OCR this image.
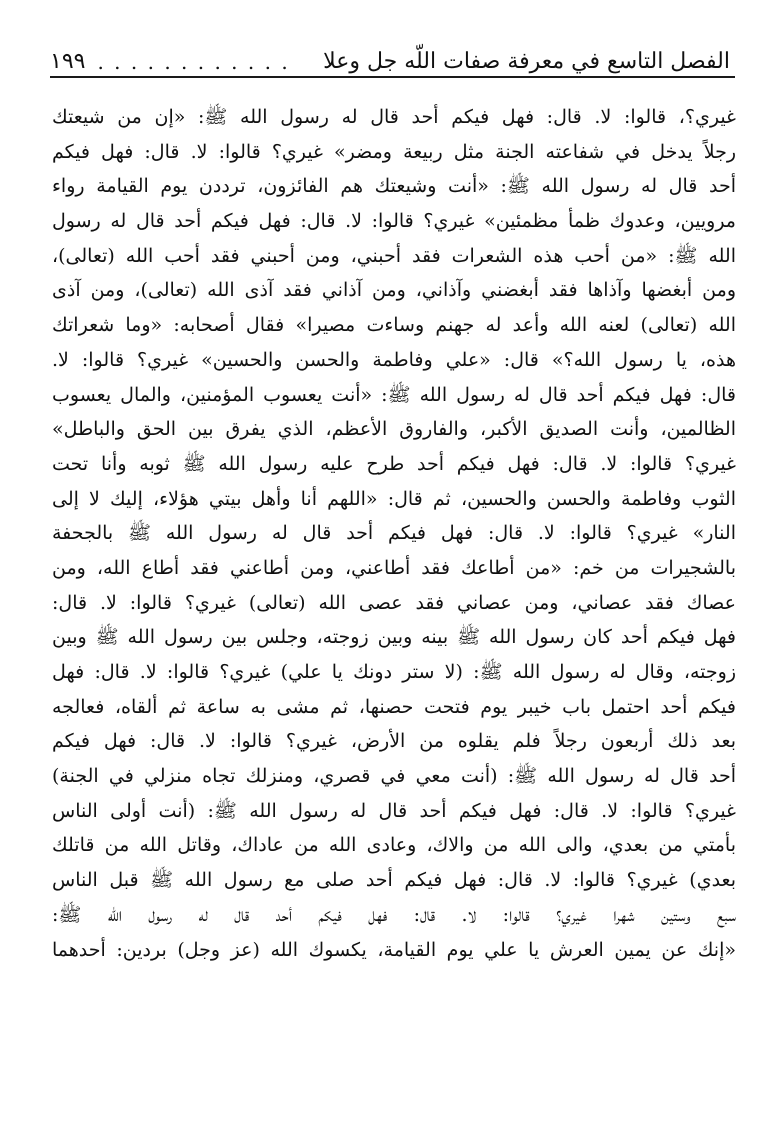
الفصل التاسع في معرفة صفات اللّه جل وعلا
. . . . . . . . . . . .
١٩٩
غيري؟، قالوا: لا. قال: فهل فيكم أحد قال له رسول الله ﷺ: «إن من شيعتك
رجلاً يدخل في شفاعته الجنة مثل ربيعة ومضر» غيري؟ قالوا: لا. قال: فهل فيكم
أحد قال له رسول الله ﷺ: «أنت وشيعتك هم الفائزون، ترددن يوم القيامة رواء
مرويين، وعدوك ظمأ مظمئين» غيري؟ قالوا: لا. قال: فهل فيكم أحد قال له رسول
الله ﷺ: «من أحب هذه الشعرات فقد أحبني، ومن أحبني فقد أحب الله (تعالى)،
ومن أبغضها وآذاها فقد أبغضني وآذاني، ومن آذاني فقد آذى الله (تعالى)، ومن آذى
الله (تعالى) لعنه الله وأعد له جهنم وساءت مصيرا» فقال أصحابه: «وما شعراتك
هذه، يا رسول الله؟» قال: «علي وفاطمة والحسن والحسين» غيري؟ قالوا: لا.
قال: فهل فيكم أحد قال له رسول الله ﷺ: «أنت يعسوب المؤمنين، والمال يعسوب
الظالمين، وأنت الصديق الأكبر، والفاروق الأعظم، الذي يفرق بين الحق والباطل»
غيري؟ قالوا: لا. قال: فهل فيكم أحد طرح عليه رسول الله ﷺ ثوبه وأنا تحت
الثوب وفاطمة والحسن والحسين، ثم قال: «اللهم أنا وأهل بيتي هؤلاء، إليك لا إلى
النار» غيري؟ قالوا: لا. قال: فهل فيكم أحد قال له رسول الله ﷺ بالجحفة
بالشجيرات من خم: «من أطاعك فقد أطاعني، ومن أطاعني فقد أطاع الله، ومن
عصاك فقد عصاني، ومن عصاني فقد عصى الله (تعالى) غيري؟ قالوا: لا. قال:
فهل فيكم أحد كان رسول الله ﷺ بينه وبين زوجته، وجلس بين رسول الله ﷺ وبين
زوجته، وقال له رسول الله ﷺ: (لا ستر دونك يا علي) غيري؟ قالوا: لا. قال: فهل
فيكم أحد احتمل باب خيبر يوم فتحت حصنها، ثم مشى به ساعة ثم ألقاه، فعالجه
بعد ذلك أربعون رجلاً فلم يقلوه من الأرض، غيري؟ قالوا: لا. قال: فهل فيكم
أحد قال له رسول الله ﷺ: (أنت معي في قصري، ومنزلك تجاه منزلي في الجنة)
غيري؟ قالوا: لا. قال: فهل فيكم أحد قال له رسول الله ﷺ: (أنت أولى الناس
بأمتي من بعدي، والى الله من والاك، وعادى الله من عاداك، وقاتل الله من قاتلك
بعدي) غيري؟ قالوا: لا. قال: فهل فيكم أحد صلى مع رسول الله ﷺ قبل الناس
سبع وستين شهرا غيري؟ قالوا: لا. قال: فهل فيكم أحد قال له رسول الله ﷺ:
«إنك عن يمين العرش يا علي يوم القيامة، يكسوك الله (عز وجل) بردين: أحدهما
